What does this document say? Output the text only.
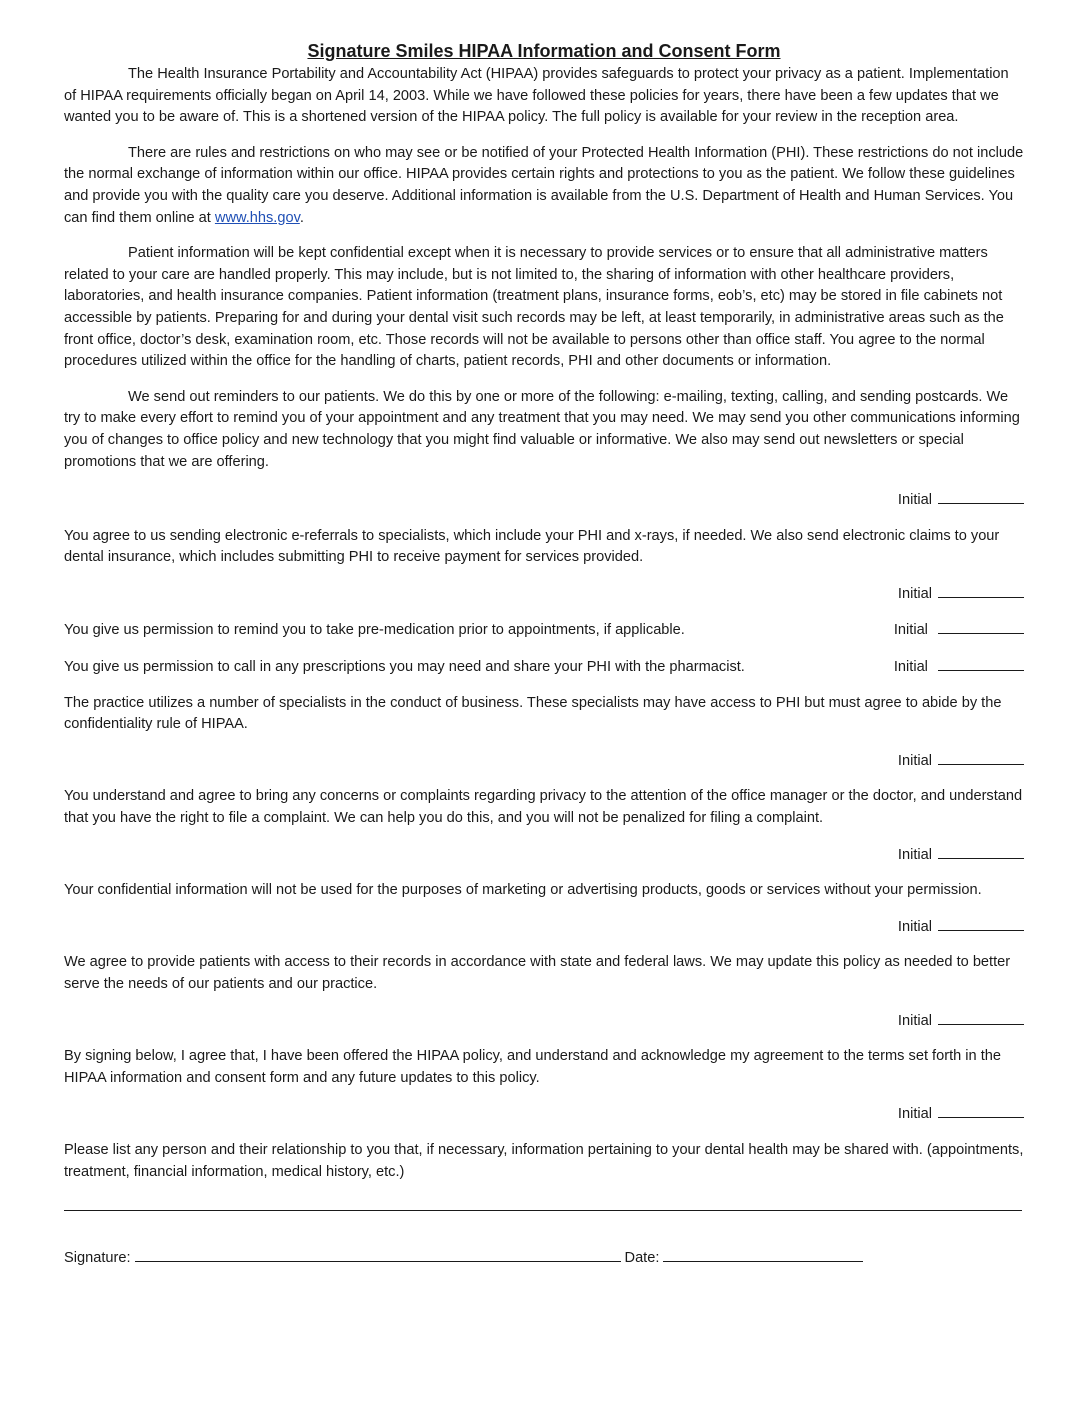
Signature Smiles HIPAA Information and Consent Form

The Health Insurance Portability and Accountability Act (HIPAA) provides safeguards to protect your privacy as a patient. Implementation of HIPAA requirements officially began on April 14, 2003. While we have followed these policies for years, there have been a few updates that we wanted you to be aware of. This is a shortened version of the HIPAA policy. The full policy is available for your review in the reception area.

There are rules and restrictions on who may see or be notified of your Protected Health Information (PHI). These restrictions do not include the normal exchange of information within our office. HIPAA provides certain rights and protections to you as the patient. We follow these guidelines and provide you with the quality care you deserve. Additional information is available from the U.S. Department of Health and Human Services. You can find them online at www.hhs.gov.

Patient information will be kept confidential except when it is necessary to provide services or to ensure that all administrative matters related to your care are handled properly. This may include, but is not limited to, the sharing of information with other healthcare providers, laboratories, and health insurance companies. Patient information (treatment plans, insurance forms, eob’s, etc) may be stored in file cabinets not accessible by patients. Preparing for and during your dental visit such records may be left, at least temporarily, in administrative areas such as the front office, doctor’s desk, examination room, etc. Those records will not be available to persons other than office staff. You agree to the normal procedures utilized within the office for the handling of charts, patient records, PHI and other documents or information.

We send out reminders to our patients. We do this by one or more of the following: e-mailing, texting, calling, and sending postcards. We try to make every effort to remind you of your appointment and any treatment that you may need. We may send you other communications informing you of changes to office policy and new technology that you might find valuable or informative. We also may send out newsletters or special promotions that we are offering.

Initial

You agree to us sending electronic e-referrals to specialists, which include your PHI and x-rays, if needed. We also send electronic claims to your dental insurance, which includes submitting PHI to receive payment for services provided.

Initial
You give us permission to remind you to take pre-medication prior to appointments, if applicable.	Initial
You give us permission to call in any prescriptions you may need and share your PHI with the pharmacist.	Initial

The practice utilizes a number of specialists in the conduct of business. These specialists may have access to PHI but must agree to abide by the confidentiality rule of HIPAA.

Initial

You understand and agree to bring any concerns or complaints regarding privacy to the attention of the office manager or the doctor, and understand that you have the right to file a complaint. We can help you do this, and you will not be penalized for filing a complaint.

Initial

Your confidential information will not be used for the purposes of marketing or advertising products, goods or services without your permission.

Initial

We agree to provide patients with access to their records in accordance with state and federal laws. We may update this policy as needed to better serve the needs of our patients and our practice.

Initial

By signing below, I agree that, I have been offered the HIPAA policy, and understand and acknowledge my agreement to the terms set forth in the HIPAA information and consent form and any future updates to this policy.

Initial

Please list any person and their relationship to you that, if necessary, information pertaining to your dental health may be shared with. (appointments, treatment, financial information, medical history, etc.)

Signature:	Date:
